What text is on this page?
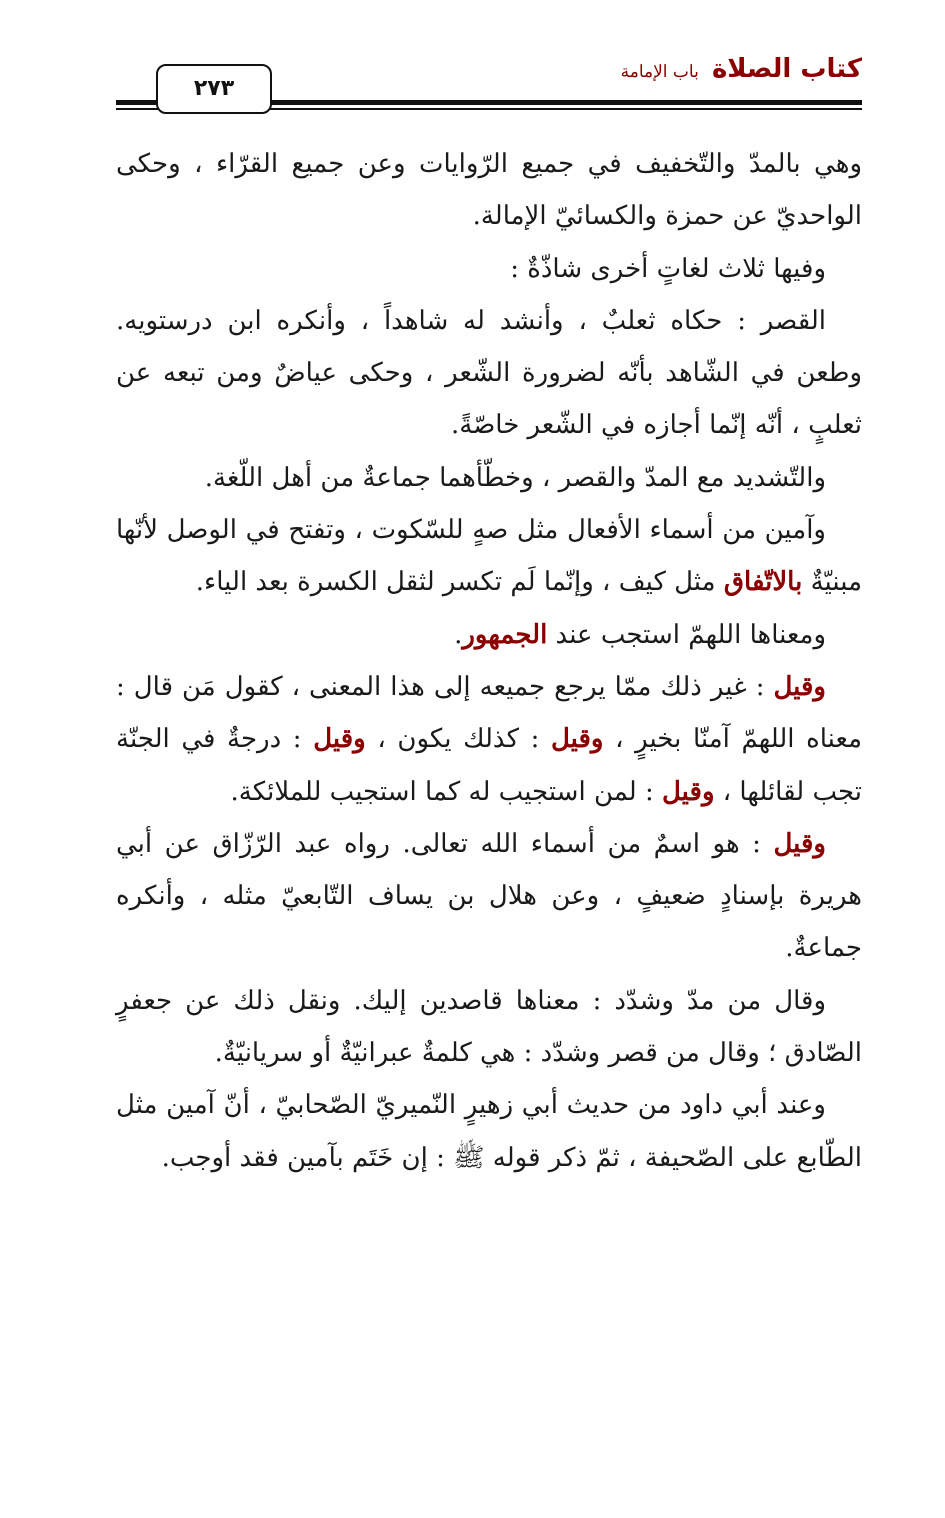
كتاب الصلاة باب الإمامة
٢٧٣

وهي بالمدّ والتّخفيف في جميع الرّوايات وعن جميع القرّاء ، وحكى الواحديّ عن حمزة والكسائيّ الإمالة.

وفيها ثلاث لغاتٍ أخرى شاذّةٌ :

القصر : حكاه ثعلبٌ ، وأنشد له شاهداً ، وأنكره ابن درستويه. وطعن في الشّاهد بأنّه لضرورة الشّعر ، وحكى عياضٌ ومن تبعه عن ثعلبٍ ، أنّه إنّما أجازه في الشّعر خاصّةً.

والتّشديد مع المدّ والقصر ، وخطّأهما جماعةٌ من أهل اللّغة.

وآمين من أسماء الأفعال مثل صهٍ للسّكوت ، وتفتح في الوصل لأنّها مبنيّةٌ بالاتّفاق مثل كيف ، وإنّما لَم تكسر لثقل الكسرة بعد الياء.

ومعناها اللهمّ استجب عند الجمهور.

وقيل : غير ذلك ممّا يرجع جميعه إلى هذا المعنى ، كقول مَن قال : معناه اللهمّ آمنّا بخيرٍ ، وقيل : كذلك يكون ، وقيل : درجةٌ في الجنّة تجب لقائلها ، وقيل : لمن استجيب له كما استجيب للملائكة.

وقيل : هو اسمٌ من أسماء الله تعالى. رواه عبد الرّزّاق عن أبي هريرة بإسنادٍ ضعيفٍ ، وعن هلال بن يساف التّابعيّ مثله ، وأنكره جماعةٌ.

وقال من مدّ وشدّد : معناها قاصدين إليك. ونقل ذلك عن جعفرٍ الصّادق ؛ وقال من قصر وشدّد : هي كلمةٌ عبرانيّةٌ أو سريانيّةٌ.

وعند أبي داود من حديث أبي زهيرٍ النّميريّ الصّحابيّ ، أنّ آمين مثل الطّابع على الصّحيفة ، ثمّ ذكر قوله ﷺ : إن خَتَم بآمين فقد أوجب.
